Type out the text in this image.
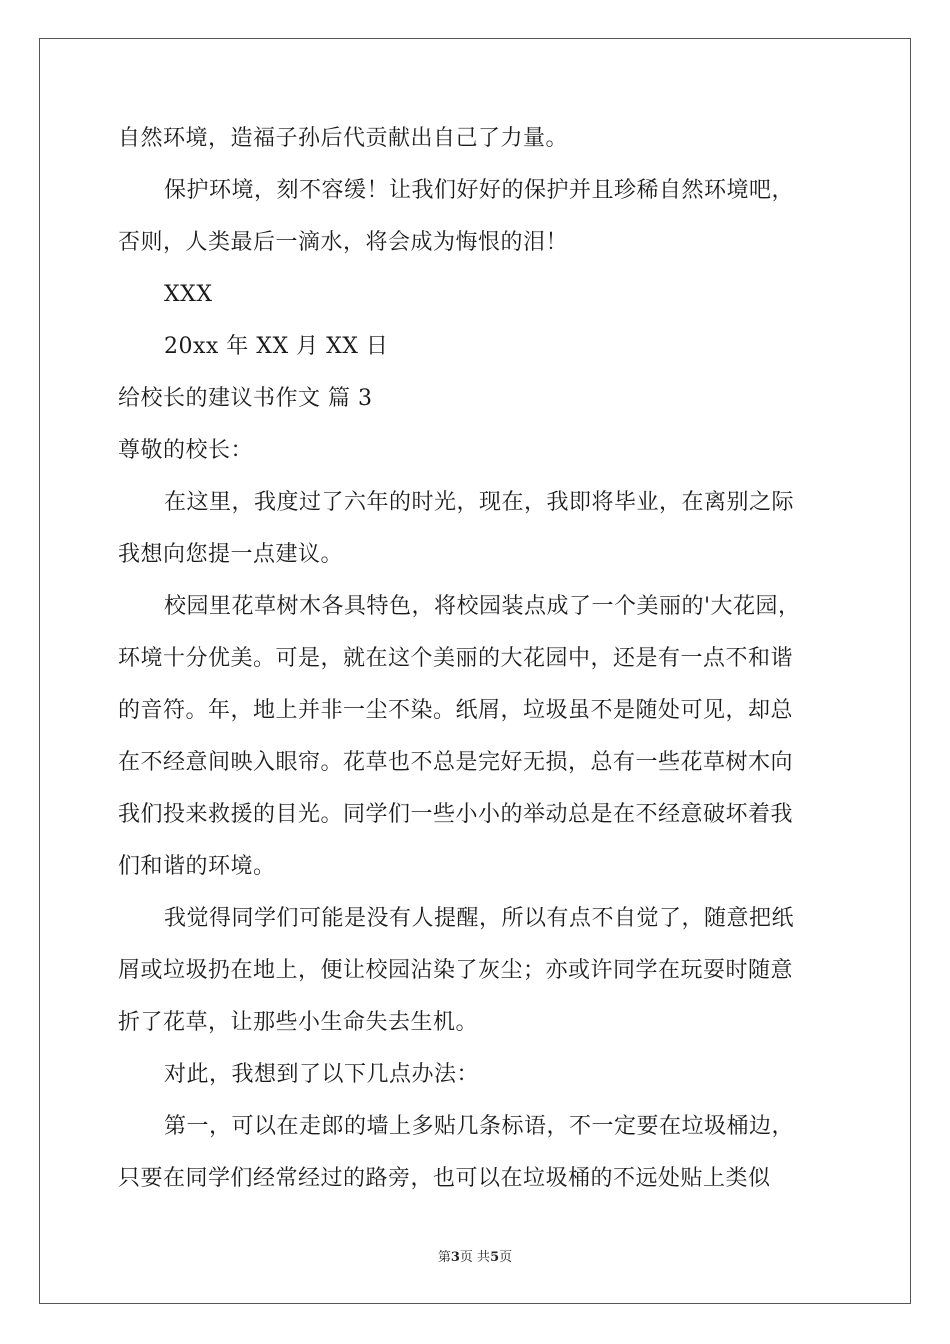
自然环境，造福子孙后代贡献出自己了力量。
保护环境，刻不容缓！让我们好好的保护并且珍稀自然环境吧，
否则，人类最后一滴水，将会成为悔恨的泪！
XXX
20xx 年 XX 月 XX 日
给校长的建议书作文 篇 3
尊敬的校长：
在这里，我度过了六年的时光，现在，我即将毕业，在离别之际
我想向您提一点建议。
校园里花草树木各具特色，将校园装点成了一个美丽的'大花园，
环境十分优美。可是，就在这个美丽的大花园中，还是有一点不和谐
的音符。年，地上并非一尘不染。纸屑，垃圾虽不是随处可见，却总
在不经意间映入眼帘。花草也不总是完好无损，总有一些花草树木向
我们投来救援的目光。同学们一些小小的举动总是在不经意破坏着我
们和谐的环境。
我觉得同学们可能是没有人提醒，所以有点不自觉了，随意把纸
屑或垃圾扔在地上，便让校园沾染了灰尘；亦或许同学在玩耍时随意
折了花草，让那些小生命失去生机。
对此，我想到了以下几点办法：
第一，可以在走郎的墙上多贴几条标语，不一定要在垃圾桶边，
只要在同学们经常经过的路旁，也可以在垃圾桶的不远处贴上类似
第3页 共5页
